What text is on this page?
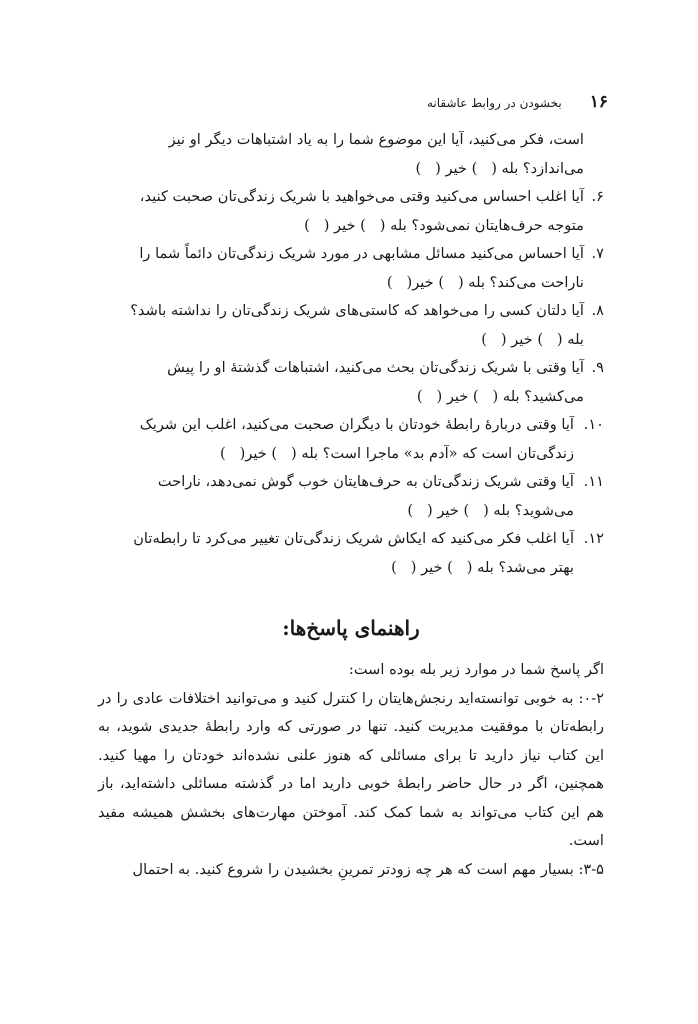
۱۶
بخشودن در روابط عاشقانه

است، فکر می‌کنید، آیا این موضوع شما را به یاد اشتباهات دیگر او نیز

می‌اندازد؟ بله (   ) خیر (   )

۶.

آیا اغلب احساس می‌کنید وقتی می‌خواهید با شریک زندگی‌تان صحبت کنید،

متوجه حرف‌هایتان نمی‌شود؟ بله (   ) خیر (   )

۷.

آیا احساس می‌کنید مسائل مشابهی در مورد شریک زندگی‌تان دائماً شما را

ناراحت می‌کند؟ بله (   ) خیر(   )

۸.

آیا دلتان کسی را می‌خواهد که کاستی‌های شریک زندگی‌تان را نداشته باشد؟

بله (   ) خیر (   )

۹.

آیا وقتی با شریک زندگی‌تان بحث می‌کنید، اشتباهات گذشتهٔ او را پیش

می‌کشید؟ بله (   ) خیر (   )

۱۰.

آیا وقتی دربارهٔ رابطهٔ خودتان با دیگران صحبت می‌کنید، اغلب این شریک

زندگی‌تان است که «آدم بد» ماجرا است؟ بله (   ) خیر(   )

۱۱.

آیا وقتی شریک زندگی‌تان به حرف‌هایتان خوب گوش نمی‌دهد، ناراحت

می‌شوید؟ بله (   ) خیر (   )

۱۲.

آیا اغلب فکر می‌کنید که ایکاش شریک زندگی‌تان تغییر می‌کرد تا رابطه‌تان

بهتر می‌شد؟ بله (   ) خیر (   )

راهنمای پاسخ‌ها:

اگر پاسخ شما در موارد زیر بله بوده است:

۰-۲: به خوبی توانسته‌اید رنجش‌هایتان را کنترل کنید و می‌توانید اختلافات عادی را در رابطه‌تان با موفقیت مدیریت کنید. تنها در صورتی که وارد رابطهٔ جدیدی شوید، به این کتاب نیاز دارید تا برای مسائلی که هنوز علنی نشده‌اند خودتان را مهیا کنید. همچنین، اگر در حال حاضر رابطهٔ خوبی دارید اما در گذشته مسائلی داشته‌اید، باز هم این کتاب می‌تواند به شما کمک کند. آموختن مهارت‌های بخشش همیشه مفید است.

۳-۵: بسیار مهم است که هر چه زودتر تمرینِ بخشیدن را شروع کنید. به احتمال
